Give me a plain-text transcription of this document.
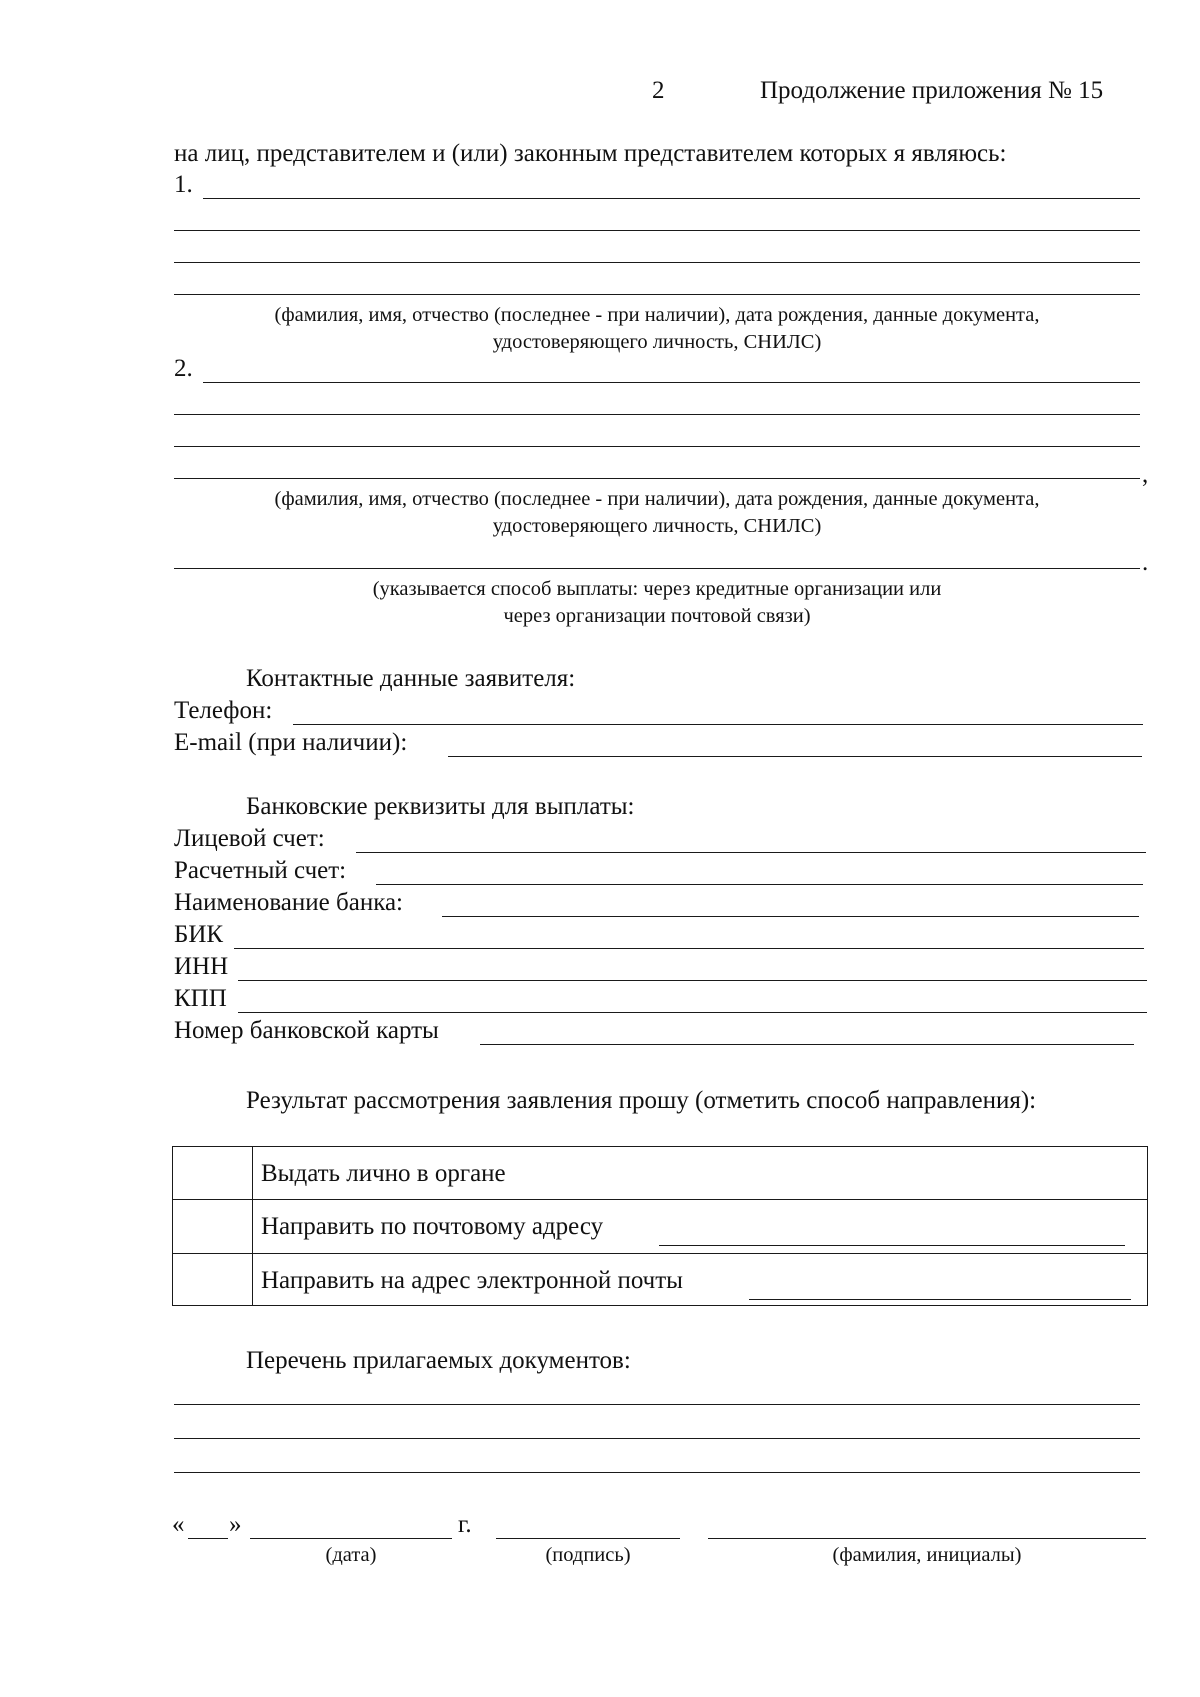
2	Продолжение приложения № 15
на лиц, представителем и (или) законным представителем которых я являюсь:
1.
(фамилия, имя, отчество (последнее - при наличии), дата рождения, данные документа,
удостоверяющего личность, СНИЛС)
2.
,
(фамилия, имя, отчество (последнее - при наличии), дата рождения, данные документа,
удостоверяющего личность, СНИЛС)
.
(указывается способ выплаты: через кредитные организации или
через организации почтовой связи)
Контактные данные заявителя:
Телефон:
E-mail (при наличии):
Банковские реквизиты для выплаты:
Лицевой счет:
Расчетный счет:
Наименование банка:
БИК
ИНН
КПП
Номер банковской карты
Результат рассмотрения заявления прошу (отметить способ направления):
Выдать лично в органе
Направить по почтовому адресу
Направить на адрес электронной почты
Перечень прилагаемых документов:
« »	г.
(дата)	(подпись)	(фамилия, инициалы)
